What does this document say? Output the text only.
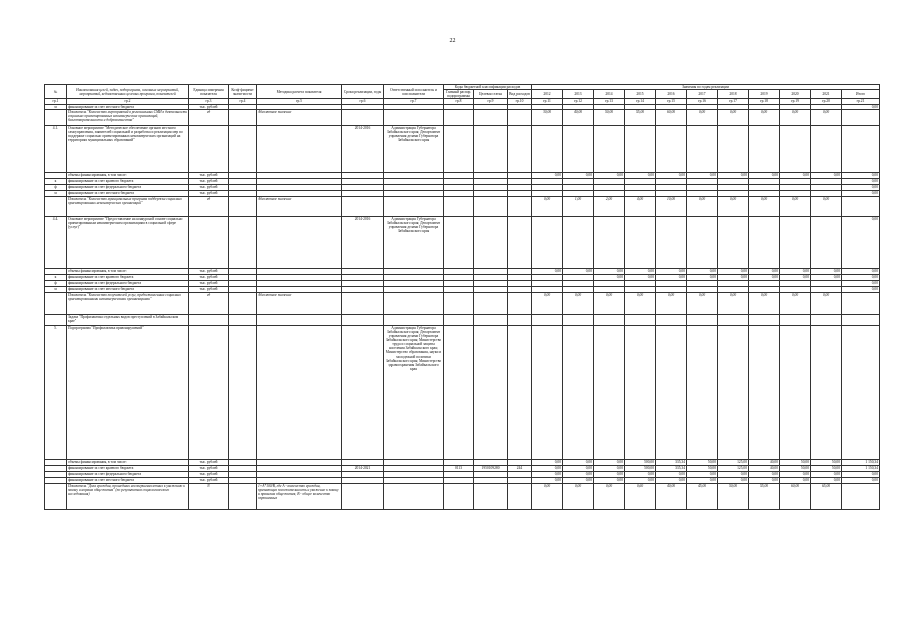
22
№	Наименования целей, задач, подпрограмм, основных мероприятий, мероприятий, ведомственных целевых программ, показателей	Единица измерения показателя	Коэф-фициент значи-мости	Методика расчета показателя	Сроки реализации, годы	Ответственный исполнитель и соисполнители	Коды бюджетной классификации расходов			Значения по годам реализации										
							Главный распор. подпрограммы	Целевая статья	Вид расходов	2012	2013	2014	2015	2016	2017	2018	2019	2020	2021	Итого

гр.1	гр.2	гр.3	гр.4	гр.5	гр.6	гр.7	гр.8	гр.9	гр.10	гр.11	гр.12	гр.13	гр.14	гр.15	гр.16	гр.17	гр.18	гр.19	гр.20	гр.21
м	финансирование за счет местного бюджета	тыс. рублей																		0,00
	Показатель "Количество мероприятий в региональных СМИ в деятельности социально ориентированных некоммерческих организаций, благотворительности и добровольчества"	ед		Абсолютное значение						30,00	40,00	50,00	55,00	60,00	0,00	0,00	0,00	0,00	0,00	
4.1.	Основное мероприятие "Методическое обеспечение органов местного самоуправления, заявителей социальной и разработка и реализация мер по поддержке социально ориентированных некоммерческих организаций на территориях муниципальных образований"				2014-2016	Администрация Губернатора Забайкальского края; Департамент управления делами Губернатора Забайкальского края														
	объемы финансирования, в том числе:	тыс. рублей								0,00	0,00	0,00	0,00	0,00	0,00	0,00	0,00	0,00	0,00	0,00
к	финансирование за счет краевого бюджета	тыс. рублей																		0,00
ф	финансирование за счет федерального бюджета	тыс. рублей																		0,00
м	финансирование за счет местного бюджета	тыс. рублей																		0,00
	Показатель "Количество муниципальных программ поддержки социально ориентированных некоммерческих организаций"	ед		Абсолютное значение						0,00	1,00	2,00	4,00	10,00	0,00	0,00	0,00	0,00	0,00	
4.4.	Основное мероприятие "Предоставление на конкурсной основе социально ориентированным некоммерческим организациям в социальной сфере (услуг)"				2014-2016	Администрация Губернатора Забайкальского края; Департамент управления делами Губернатора Забайкальского края														0,00
	объемы финансирования, в том числе:	тыс. рублей								0,00	0,00	0,00	0,00	0,00	0,00	0,00	0,00	0,00	0,00	0,00
к	финансирование за счет краевого бюджета	тыс. рублей										0,00	0,00	0,00	0,00	0,00	0,00	0,00	0,00	0,00
ф	финансирование за счет федерального бюджета	тыс. рублей																		0,00
м	финансирование за счет местного бюджета	тыс. рублей																		0,00
	Показатель "Количество получателей услуг, предоставленных социально ориентированными некоммерческими организациями"	ед		Абсолютное значение						0,00	0,00	0,00	0,00	0,00	0,00	0,00	0,00	0,00	0,00	
	Задача "Профилактика отдельных видов преступлений в Забайкальском крае"																			
5.	Подпрограмма "Профилактика правонарушений"					Администрация Губернатора Забайкальского края; Департамент управления делами Губернатора Забайкальского края; Министерство труда и социальной защиты населения Забайкальского края; Министерство образования, науки и молодежной политики Забайкальского края; Министерство здравоохранения Забайкальского края														
	объемы финансирования, в том числе:	тыс. рублей								0,00	0,00	0,00	500,00	335,34	50,00	125,00	40,00	50,00	50,00	1 150,34
	финансирование за счет краевого бюджета	тыс. рублей			2014-2021		0113	1950109280	244	0,00	0,00	0,00	500,00	335,34	50,00	125,00	40,00	50,00	50,00	1 150,34
	финансирование за счет федерального бюджета	тыс. рублей								0,00	0,00	0,00	0,00	0,00	0,00	0,00	0,00	0,00	0,00	0,00
	финансирование за счет местного бюджета	тыс. рублей								0,00	0,00	0,00	0,00	0,00	0,00	0,00	0,00	0,00	0,00	0,00
	Показатель "Доля граждан, прошедших несовершеннолетних к уважению к закону и нормам общежития" (по результатам социологического исследования)	N		1+A*100/В, где А - количество граждан, признающих положительность и уважение к закону и правилам общежития; В - общее количество опрошенных						0,00	0,00	0,00	0,60	40,00	45,00	50,00	55,00	60,00	65,00	
